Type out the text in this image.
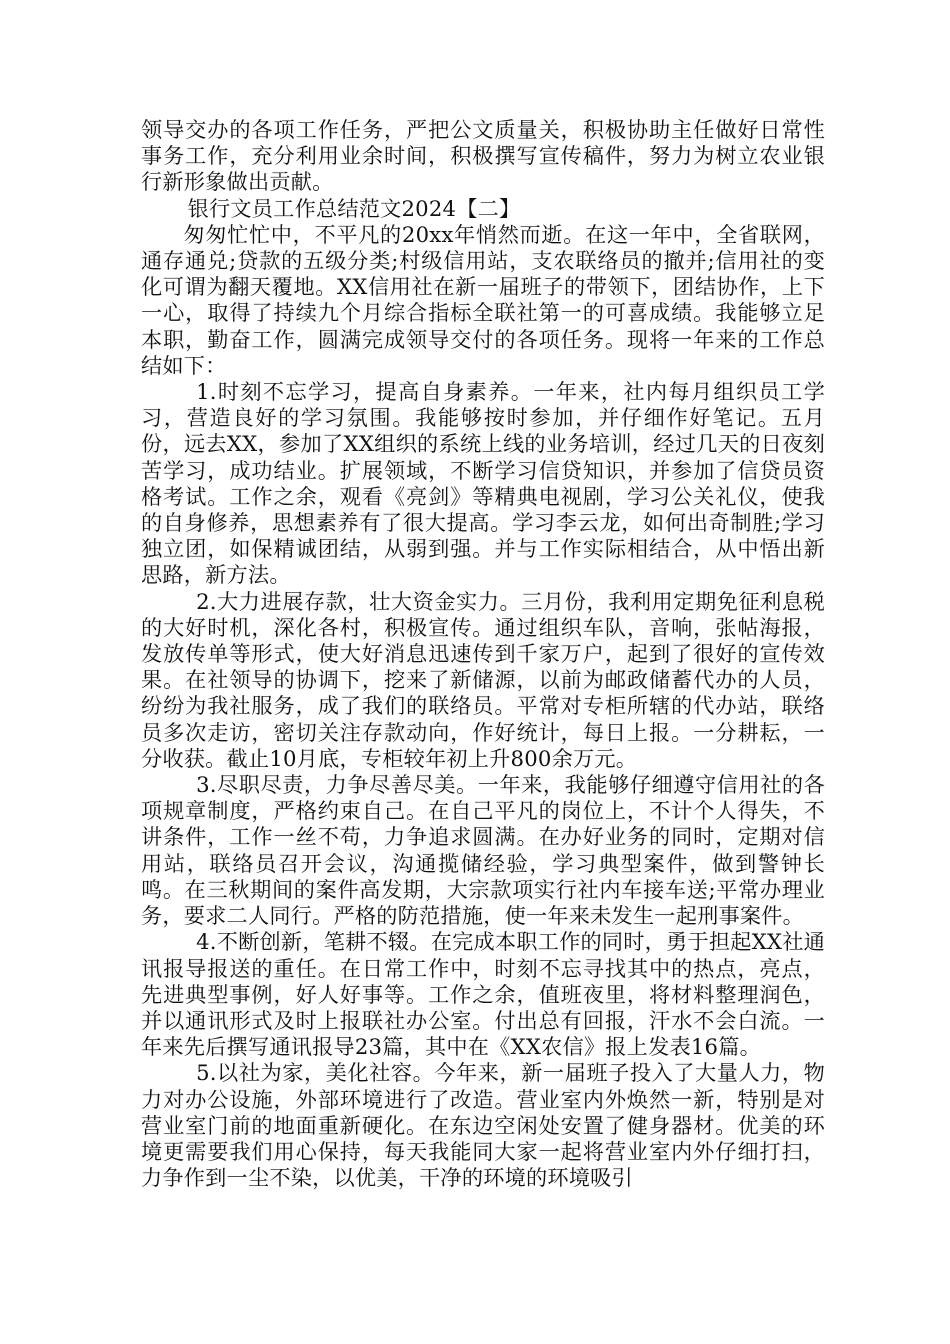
领导交办的各项工作任务，严把公文质量关，积极协助主任做好日常性事务工作，充分利用业余时间，积极撰写宣传稿件，努力为树立农业银行新形象做出贡献。

银行文员工作总结范文2024【二】

匆匆忙忙中，不平凡的20xx年悄然而逝。在这一年中，全省联网，通存通兑;贷款的五级分类;村级信用站，支农联络员的撤并;信用社的变化可谓为翻天覆地。XX信用社在新一届班子的带领下，团结协作，上下一心，取得了持续九个月综合指标全联社第一的可喜成绩。我能够立足本职，勤奋工作，圆满完成领导交付的各项任务。现将一年来的工作总结如下：

1.时刻不忘学习，提高自身素养。一年来，社内每月组织员工学习，营造良好的学习氛围。我能够按时参加，并仔细作好笔记。五月份，远去XX，参加了XX组织的系统上线的业务培训，经过几天的日夜刻苦学习，成功结业。扩展领域，不断学习信贷知识，并参加了信贷员资格考试。工作之余，观看《亮剑》等精典电视剧，学习公关礼仪，使我的自身修养，思想素养有了很大提高。学习李云龙，如何出奇制胜;学习独立团，如保精诚团结，从弱到强。并与工作实际相结合，从中悟出新思路，新方法。

2.大力进展存款，壮大资金实力。三月份，我利用定期免征利息税的大好时机，深化各村，积极宣传。通过组织车队，音响，张帖海报，发放传单等形式，使大好消息迅速传到千家万户，起到了很好的宣传效果。在社领导的协调下，挖来了新储源，以前为邮政储蓄代办的人员，纷纷为我社服务，成了我们的联络员。平常对专柜所辖的代办站，联络员多次走访，密切关注存款动向，作好统计，每日上报。一分耕耘，一分收获。截止10月底，专柜较年初上升800余万元。

3.尽职尽责，力争尽善尽美。一年来，我能够仔细遵守信用社的各项规章制度，严格约束自己。在自己平凡的岗位上，不计个人得失，不讲条件，工作一丝不苟，力争追求圆满。在办好业务的同时，定期对信用站，联络员召开会议，沟通揽储经验，学习典型案件，做到警钟长鸣。在三秋期间的案件高发期，大宗款项实行社内车接车送;平常办理业务，要求二人同行。严格的防范措施，使一年来未发生一起刑事案件。

4.不断创新，笔耕不辍。在完成本职工作的同时，勇于担起XX社通讯报导报送的重任。在日常工作中，时刻不忘寻找其中的热点，亮点，先进典型事例，好人好事等。工作之余，值班夜里，将材料整理润色，并以通讯形式及时上报联社办公室。付出总有回报，汗水不会白流。一年来先后撰写通讯报导23篇，其中在《XX农信》报上发表16篇。

5.以社为家，美化社容。今年来，新一届班子投入了大量人力，物力对办公设施，外部环境进行了改造。营业室内外焕然一新，特别是对营业室门前的地面重新硬化。在东边空闲处安置了健身器材。优美的环境更需要我们用心保持，每天我能同大家一起将营业室内外仔细打扫，力争作到一尘不染，以优美，干净的环境的环境吸引
